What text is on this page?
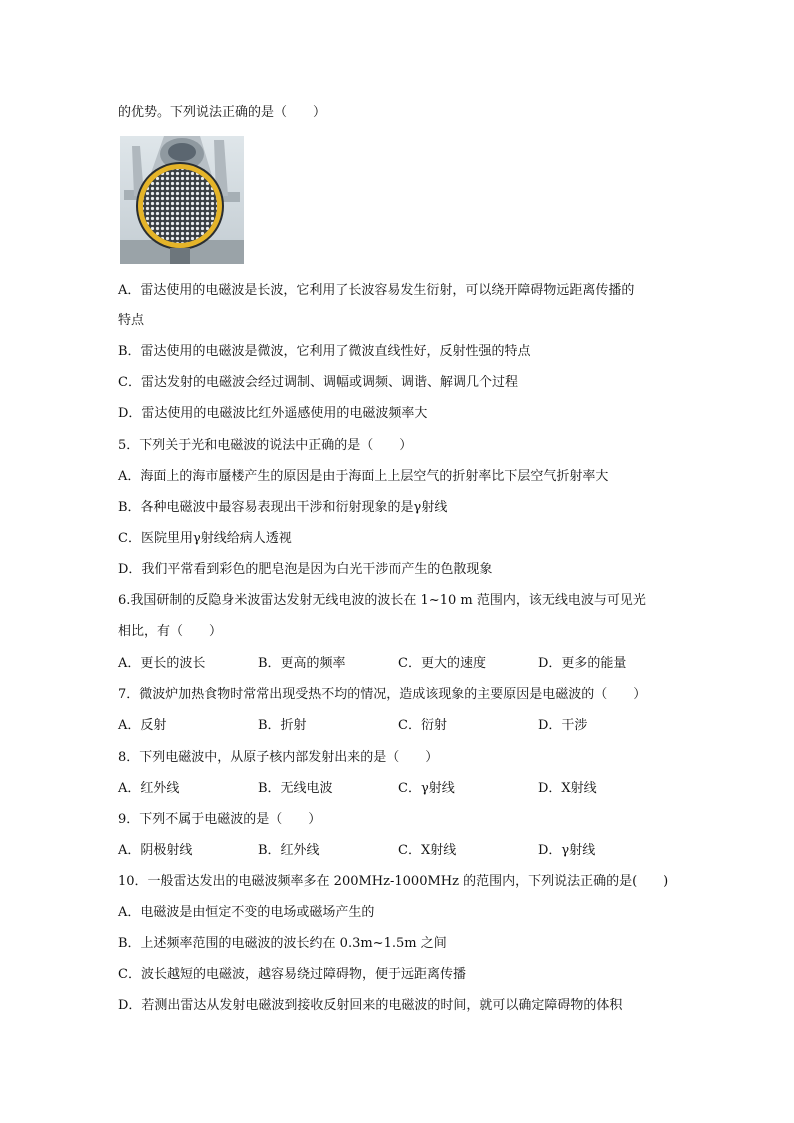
的优势。下列说法正确的是（　　）
A．雷达使用的电磁波是长波，它利用了长波容易发生衍射，可以绕开障碍物远距离传播的
特点
B．雷达使用的电磁波是微波，它利用了微波直线性好，反射性强的特点
C．雷达发射的电磁波会经过调制、调幅或调频、调谐、解调几个过程
D．雷达使用的电磁波比红外遥感使用的电磁波频率大
5．下列关于光和电磁波的说法中正确的是（　　）
A．海面上的海市蜃楼产生的原因是由于海面上上层空气的折射率比下层空气折射率大
B．各种电磁波中最容易表现出干涉和衍射现象的是γ射线
C．医院里用γ射线给病人透视
D．我们平常看到彩色的肥皂泡是因为白光干涉而产生的色散现象
6.我国研制的反隐身米波雷达发射无线电波的波长在 1~10 m 范围内，该无线电波与可见光
相比，有（　　）
A．更长的波长	B．更高的频率	C．更大的速度	D．更多的能量
7．微波炉加热食物时常常出现受热不均的情况，造成该现象的主要原因是电磁波的（　　）
A．反射	B．折射	C．衍射	D．干涉
8．下列电磁波中，从原子核内部发射出来的是（　　）
A．红外线	B．无线电波	C．γ射线	D．X射线
9．下列不属于电磁波的是（　　）
A．阴极射线	B．红外线	C．X射线	D．γ射线
10．一般雷达发出的电磁波频率多在 200MHz-1000MHz 的范围内，下列说法正确的是(　　)
A．电磁波是由恒定不变的电场或磁场产生的
B．上述频率范围的电磁波的波长约在 0.3m~1.5m 之间
C．波长越短的电磁波，越容易绕过障碍物，便于远距离传播
D．若测出雷达从发射电磁波到接收反射回来的电磁波的时间，就可以确定障碍物的体积
